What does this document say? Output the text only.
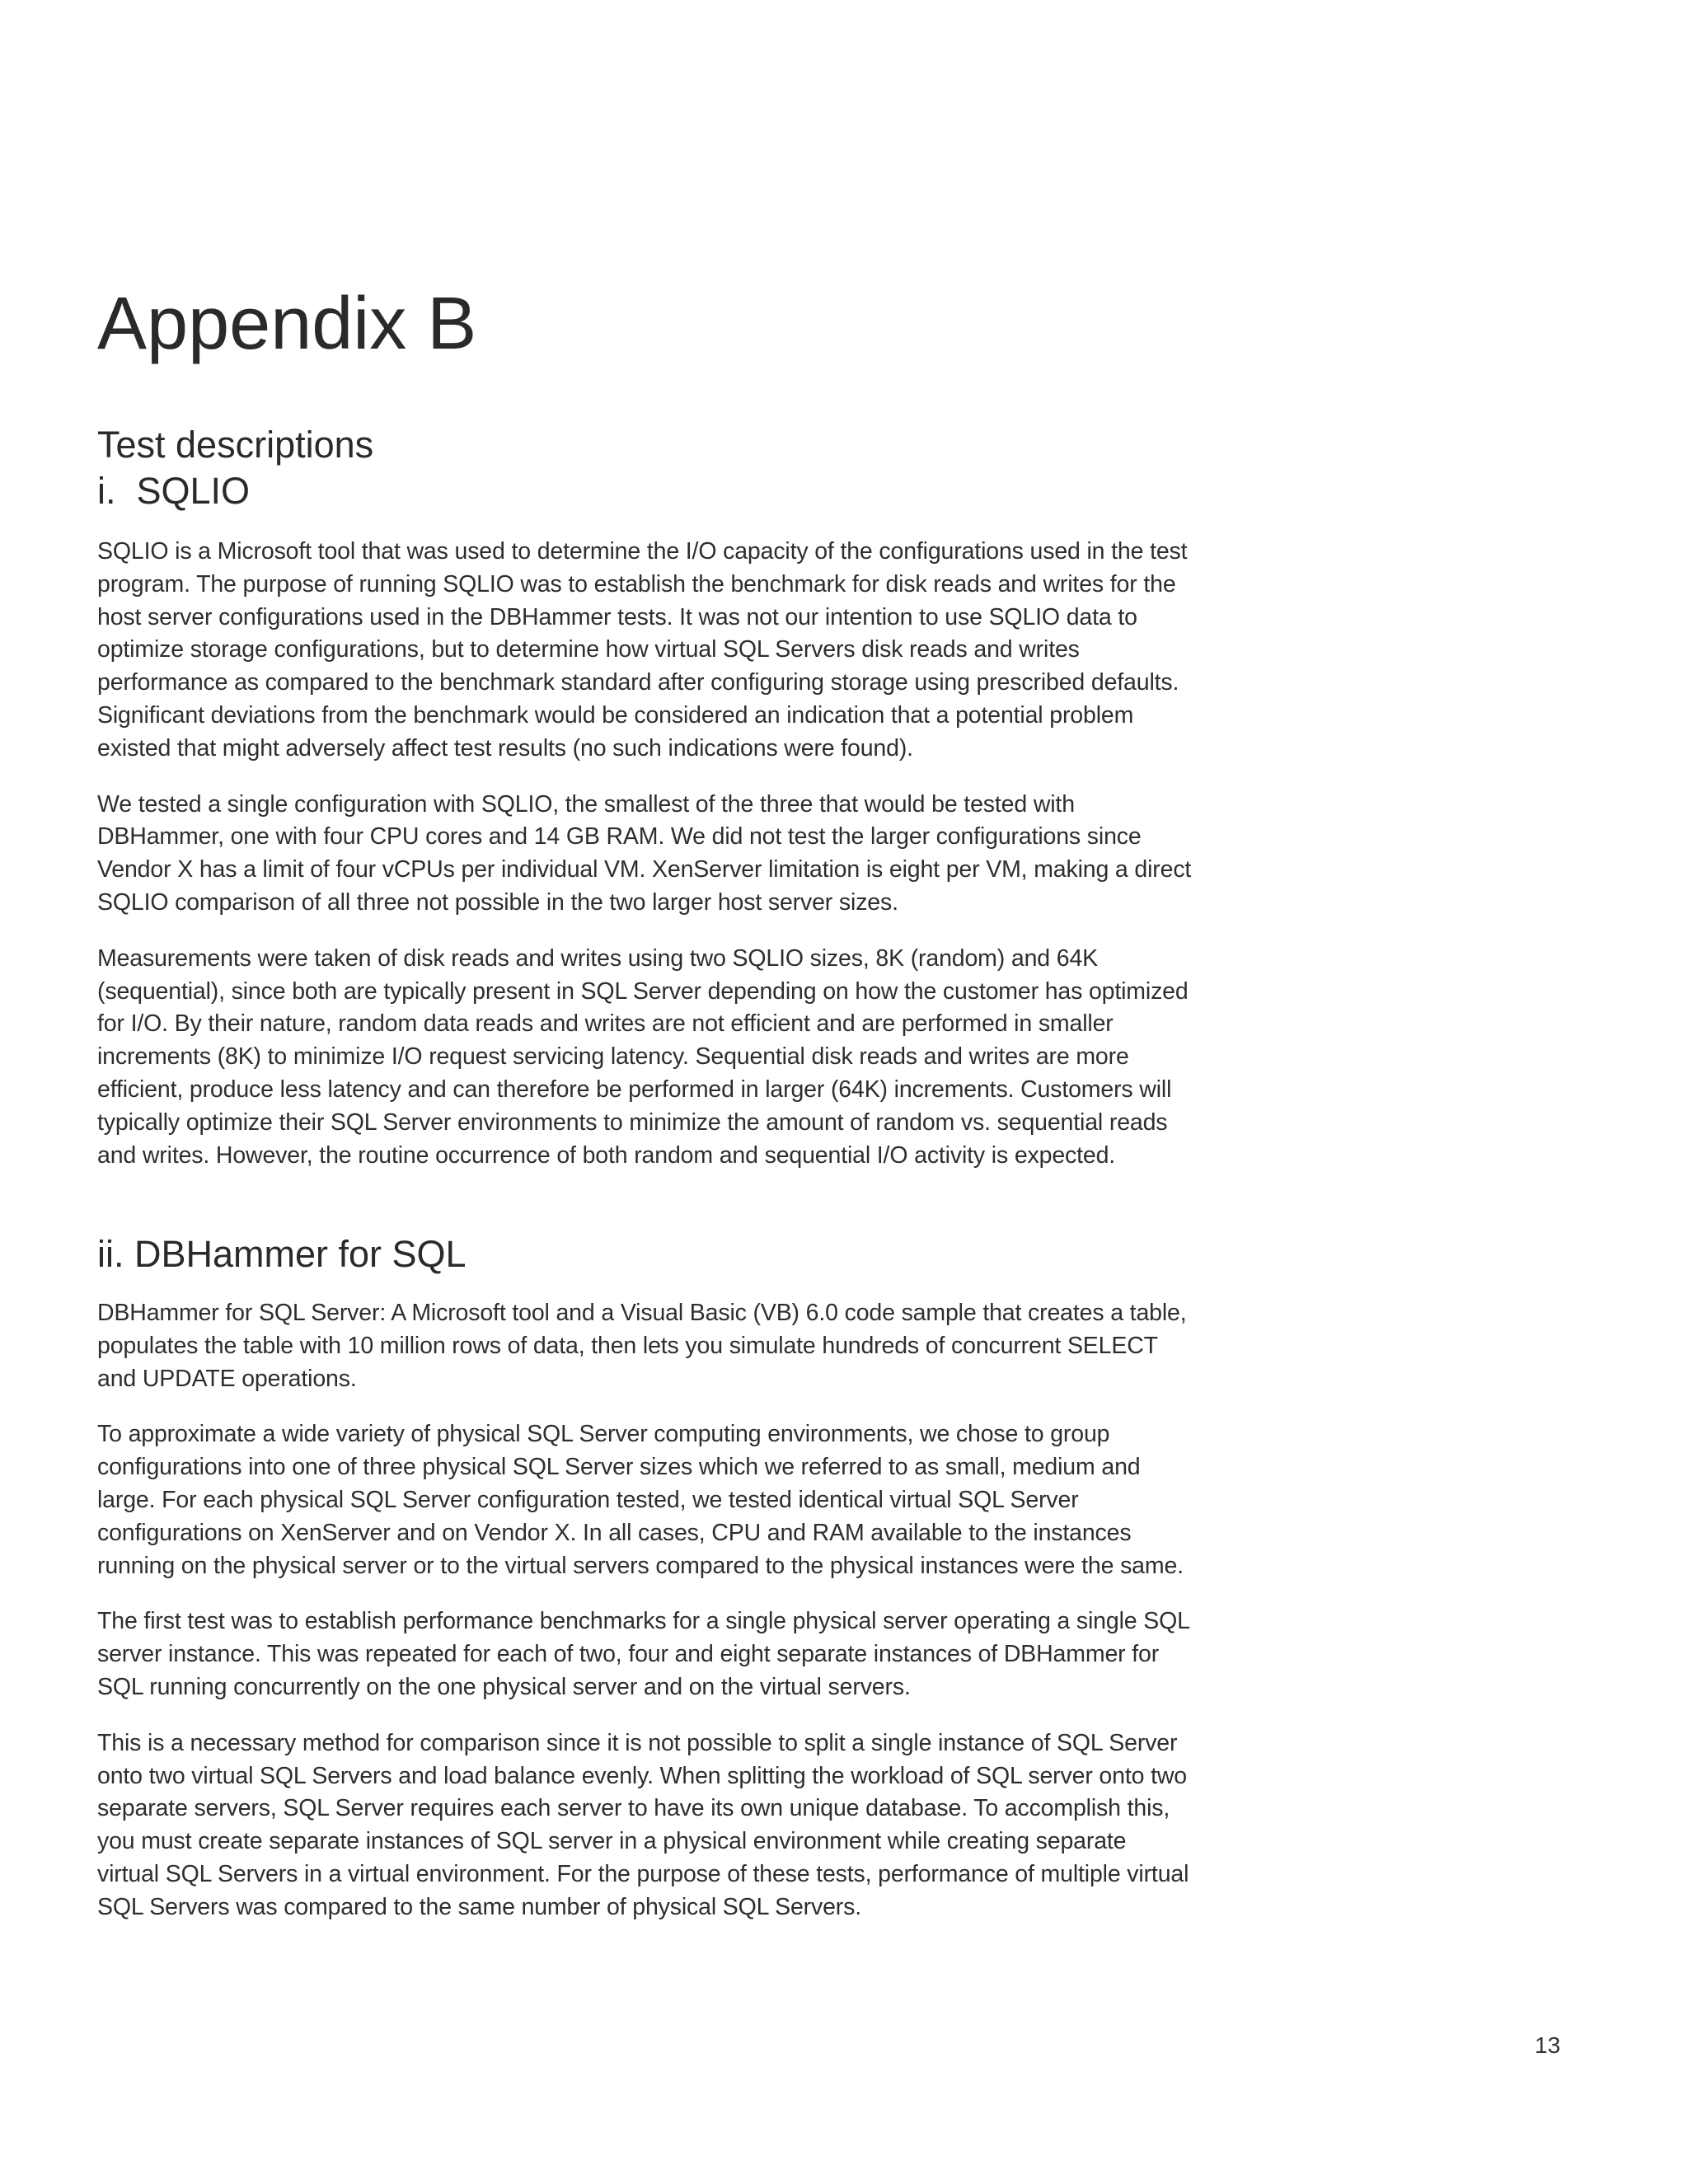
Appendix B
Test descriptions
i.  SQLIO

SQLIO is a Microsoft tool that was used to determine the I/O capacity of the configurations used in the test program. The purpose of running SQLIO was to establish the benchmark for disk reads and writes for the host server configurations used in the DBHammer tests. It was not our intention to use SQLIO data to optimize storage configurations, but to determine how virtual SQL Servers disk reads and writes performance as compared to the benchmark standard after configuring storage using prescribed defaults. Significant deviations from the benchmark would be considered an indication that a potential problem existed that might adversely affect test results (no such indications were found).

We tested a single configuration with SQLIO, the smallest of the three that would be tested with DBHammer, one with four CPU cores and 14 GB RAM. We did not test the larger configurations since Vendor X has a limit of four vCPUs per individual VM. XenServer limitation is eight per VM, making a direct SQLIO comparison of all three not possible in the two larger host server sizes.

Measurements were taken of disk reads and writes using two SQLIO sizes, 8K (random) and 64K (sequential), since both are typically present in SQL Server depending on how the customer has optimized for I/O. By their nature, random data reads and writes are not efficient and are performed in smaller increments (8K) to minimize I/O request servicing latency. Sequential disk reads and writes are more efficient, produce less latency and can therefore be performed in larger (64K) increments. Customers will typically optimize their SQL Server environments to minimize the amount of random vs. sequential reads and writes. However, the routine occurrence of both random and sequential I/O activity is expected.

ii. DBHammer for SQL

DBHammer for SQL Server: A Microsoft tool and a Visual Basic (VB) 6.0 code sample that creates a table, populates the table with 10 million rows of data, then lets you simulate hundreds of concurrent SELECT and UPDATE operations.

To approximate a wide variety of physical SQL Server computing environments, we chose to group configurations into one of three physical SQL Server sizes which we referred to as small, medium and large. For each physical SQL Server configuration tested, we tested identical virtual SQL Server configurations on XenServer and on Vendor X. In all cases, CPU and RAM available to the instances running on the physical server or to the virtual servers compared to the physical instances were the same.

The first test was to establish performance benchmarks for a single physical server operating a single SQL server instance. This was repeated for each of two, four and eight separate instances of DBHammer for SQL running concurrently on the one physical server and on the virtual servers.

This is a necessary method for comparison since it is not possible to split a single instance of SQL Server onto two virtual SQL Servers and load balance evenly. When splitting the workload of SQL server onto two separate servers, SQL Server requires each server to have its own unique database. To accomplish this, you must create separate instances of SQL server in a physical environment while creating separate virtual SQL Servers in a virtual environment. For the purpose of these tests, performance of multiple virtual SQL Servers was compared to the same number of physical SQL Servers.

13
